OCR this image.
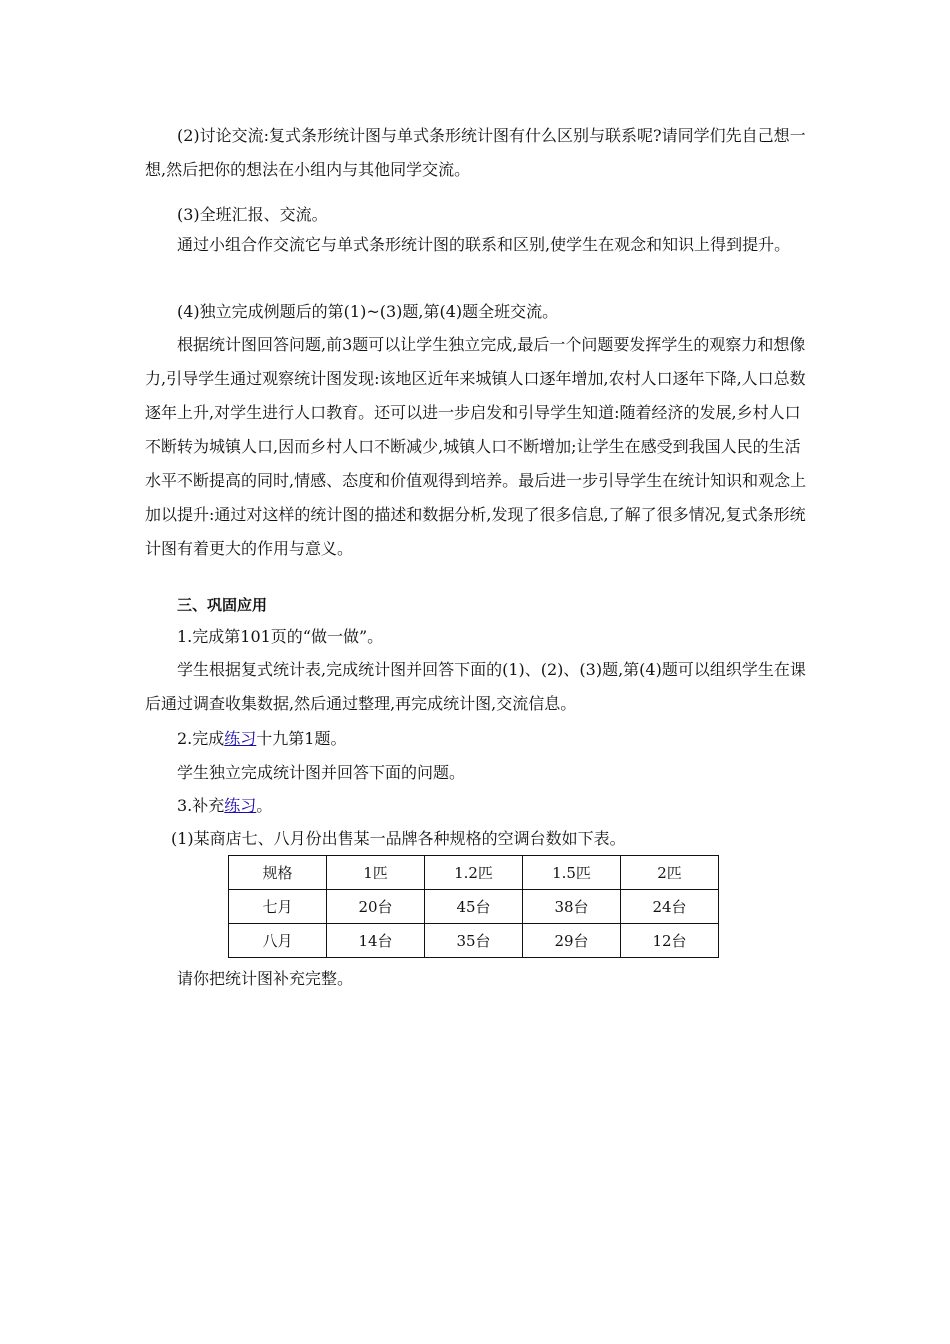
(2)讨论交流:复式条形统计图与单式条形统计图有什么区别与联系呢?请同学们先自己想一想,然后把你的想法在小组内与其他同学交流。

(3)全班汇报、交流。

通过小组合作交流它与单式条形统计图的联系和区别,使学生在观念和知识上得到提升。

(4)独立完成例题后的第(1)~(3)题,第(4)题全班交流。

根据统计图回答问题,前3题可以让学生独立完成,最后一个问题要发挥学生的观察力和想像力,引导学生通过观察统计图发现:该地区近年来城镇人口逐年增加,农村人口逐年下降,人口总数逐年上升,对学生进行人口教育。还可以进一步启发和引导学生知道:随着经济的发展,乡村人口不断转为城镇人口,因而乡村人口不断减少,城镇人口不断增加;让学生在感受到我国人民的生活水平不断提高的同时,情感、态度和价值观得到培养。最后进一步引导学生在统计知识和观念上加以提升:通过对这样的统计图的描述和数据分析,发现了很多信息,了解了很多情况,复式条形统计图有着更大的作用与意义。

三、巩固应用

1.完成第101页的“做一做”。

学生根据复式统计表,完成统计图并回答下面的(1)、(2)、(3)题,第(4)题可以组织学生在课后通过调查收集数据,然后通过整理,再完成统计图,交流信息。

2.完成练习十九第1题。

学生独立完成统计图并回答下面的问题。

3.补充练习。

(1)某商店七、八月份出售某一品牌各种规格的空调台数如下表。

规格	1匹	1.2匹	1.5匹	2匹
七月	20台	45台	38台	24台
八月	14台	35台	29台	12台

请你把统计图补充完整。
